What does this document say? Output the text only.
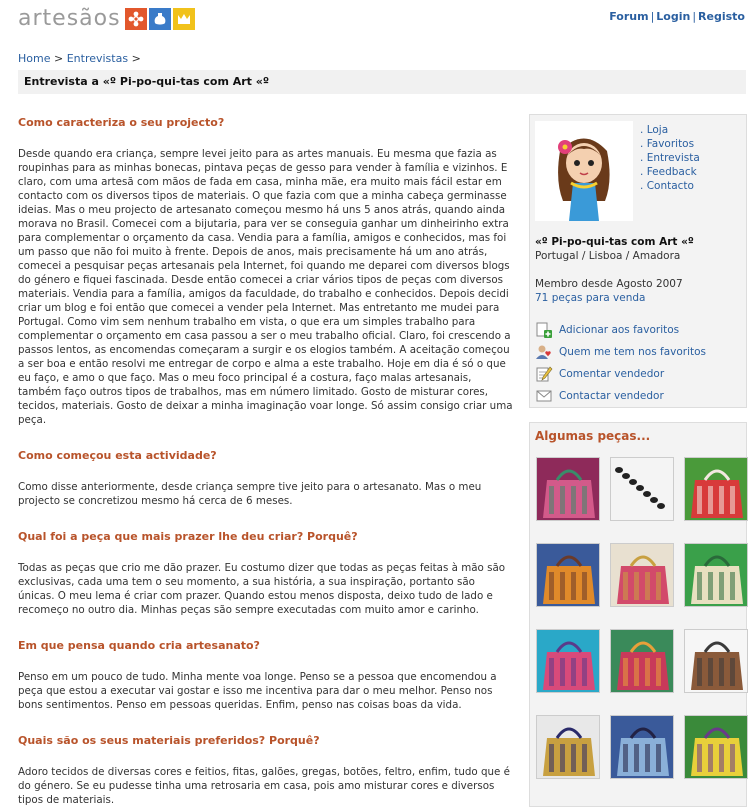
artesãos	Forum | Login | Registo
Home > Entrevistas >
Entrevista a «º Pi-po-qui-tas com Art «º
Como caracteriza o seu projecto?

Desde quando era criança, sempre levei jeito para as artes manuais. Eu mesma que fazia as roupinhas para as minhas bonecas, pintava peças de gesso para vender à família e vizinhos. E claro, com uma artesã com mãos de fada em casa, minha mãe, era muito mais fácil estar em contacto com os diversos tipos de materiais. O que fazia com que a minha cabeça germinasse ideias. Mas o meu projecto de artesanato começou mesmo há uns 5 anos atrás, quando ainda morava no Brasil. Comecei com a bijutaria, para ver se conseguia ganhar um dinheirinho extra para complementar o orçamento da casa. Vendia para a família, amigos e conhecidos, mas foi um passo que não foi muito à frente. Depois de anos, mais precisamente há um ano atrás, comecei a pesquisar peças artesanais pela Internet, foi quando me deparei com diversos blogs do género e fiquei fascinada. Desde então comecei a criar vários tipos de peças com diversos materiais. Vendia para a família, amigos da faculdade, do trabalho e conhecidos. Depois decidi criar um blog e foi então que comecei a vender pela Internet. Mas entretanto me mudei para Portugal. Como vim sem nenhum trabalho em vista, o que era um simples trabalho para complementar o orçamento em casa passou a ser o meu trabalho oficial. Claro, foi crescendo a passos lentos, as encomendas começaram a surgir e os elogios também. A aceitação começou a ser boa e então resolvi me entregar de corpo e alma a este trabalho. Hoje em dia é só o que eu faço, e amo o que faço. Mas o meu foco principal é a costura, faço malas artesanais, também faço outros tipos de trabalhos, mas em número limitado. Gosto de misturar cores, tecidos, materiais. Gosto de deixar a minha imaginação voar longe. Só assim consigo criar uma peça.

Como começou esta actividade?

Como disse anteriormente, desde criança sempre tive jeito para o artesanato. Mas o meu projecto se concretizou mesmo há cerca de 6 meses.

Qual foi a peça que mais prazer lhe deu criar? Porquê?

Todas as peças que crio me dão prazer. Eu costumo dizer que todas as peças feitas à mão são exclusivas, cada uma tem o seu momento, a sua história, a sua inspiração, portanto são únicas. O meu lema é criar com prazer. Quando estou menos disposta, deixo tudo de lado e recomeço no outro dia. Minhas peças são sempre executadas com muito amor e carinho.

Em que pensa quando cria artesanato?

Penso em um pouco de tudo. Minha mente voa longe. Penso se a pessoa que encomendou a peça que estou a executar vai gostar e isso me incentiva para dar o meu melhor. Penso nos bons sentimentos. Penso em pessoas queridas. Enfim, penso nas coisas boas da vida.

Quais são os seus materiais preferidos? Porquê?

Adoro tecidos de diversas cores e feitios, fitas, galões, gregas, botões, feltro, enfim, tudo que é do género. Se eu pudesse tinha uma retrosaria em casa, pois amo misturar cores e diversos tipos de materiais.

. Loja
. Favoritos
. Entrevista
. Feedback
. Contacto
«º Pi-po-qui-tas com Art «º
Portugal / Lisboa / Amadora
Membro desde Agosto 2007
71 peças para venda
Adicionar aos favoritos
Quem me tem nos favoritos
Comentar vendedor
Contactar vendedor
Algumas peças...
